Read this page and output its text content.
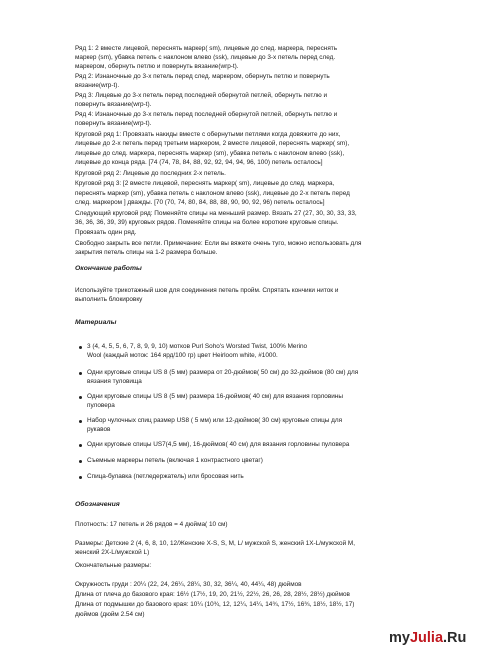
Ряд 1: 2 вместе лицевой, переснять маркер( sm), лицевые до след. маркера, переснять
маркер (sm), убавка петель с наклоном влево (ssk), лицевые до 3-х петель перед след.
маркером, обернуть петлю и повернуть вязание(wrp-t).
Ряд 2: Изнаночные до 3-х петель перед след. маркером, обернуть петлю и повернуть
вязание(wrp-t).
Ряд 3: Лицевые до 3-х петель перед последней обернутой петлей, обернуть петлю и
повернуть вязание(wrp-t).
Ряд 4: Изнаночные до 3-х петель перед последней обернутой петлей, обернуть петлю и
повернуть вязание(wrp-t).
Круговой ряд 1: Провязать накиды вместе с обернутыми петлями когда довяжите до них,
лицевые до 2-х петель перед третьим маркером, 2 вместе лицевой, переснять маркер( sm),
лицевые до след. маркера, переснять маркер (sm), убавка петель с наклоном влево (ssk),
лицевые до конца ряда. [74 (74, 78, 84, 88, 92, 92, 94, 94, 96, 100) петель осталось]
Круговой ряд 2: Лицевые до последних 2-х петель.
Круговой ряд 3: [2 вместе лицевой, переснять маркер( sm), лицевые до след. маркера,
переснять маркер (sm), убавка петель с наклоном влево (ssk), лицевые до 2-х петель перед
след. маркером ] дважды. [70 (70, 74, 80, 84, 88, 88, 90, 90, 92, 96) петель осталось]
Следующий круговой ряд: Поменяйте спицы на меньший размер. Вязать 27 (27, 30, 30, 33, 33,
36, 36, 36, 39, 39) круговых рядов. Поменяйте спицы на более короткие круговые спицы.
Провязать один ряд.
Свободно закрыть все петли. Примечание: Если вы вяжете очень туго, можно использовать для
закрытия петель спицы на 1-2 размера больше.
Окончание работы
Используйте трикотажный шов для соединения петель пройм. Спрятать кончики ниток и
выполнить блокировку
Материалы
3 (4, 4, 5, 5, 6, 7, 8, 9, 9, 10) мотков Purl Soho's Worsted Twist, 100% Merino
Wool (каждый моток: 164 ярд/100 гр) цвет Heirloom white, #1000.
Одни круговые спицы US 8 (5 мм) размера от 20-дюймов( 50 см) до 32-дюймов (80 см) для
вязания туловища
Одни круговые спицы US 8 (5 мм) размера 16-дюймов( 40 см) для вязания горловины
пуловера
Набор чулочных спиц размер US8 ( 5 мм) или 12-дюймов( 30 см) круговые спицы для
рукавов
Одни круговые спицы US7(4,5 мм), 16-дюймов( 40 см) для вязания горловины пуловера
Съемные маркеры петель (включая 1 контрастного цветаг)
Спица-булавка (петледержатель) или бросовая нить
Обозначения
Плотность: 17 петель и 26 рядов = 4 дюйма( 10 см)
Размеры: Детские 2 (4, 6, 8, 10, 12/Женские X-S, S, M, L/ мужской S, женский 1X-L/мужской M,
женский 2X-L/мужской L)
Окончательные размеры:
Окружность груди : 20¼ (22, 24, 26¼, 28¼, 30, 32, 36¼, 40, 44¼, 48) дюймов
Длина от плеча до базового края: 16½ (17½, 19, 20, 21½, 22½, 26, 26, 28, 28½, 28½) дюймов
Длина от подмышки до базового края: 10¼ (10¾, 12, 12¼, 14¼, 14¾, 17½, 16¾, 18½, 18½, 17)
дюймов (дюйм 2.54 см)
myJulia.Ru
